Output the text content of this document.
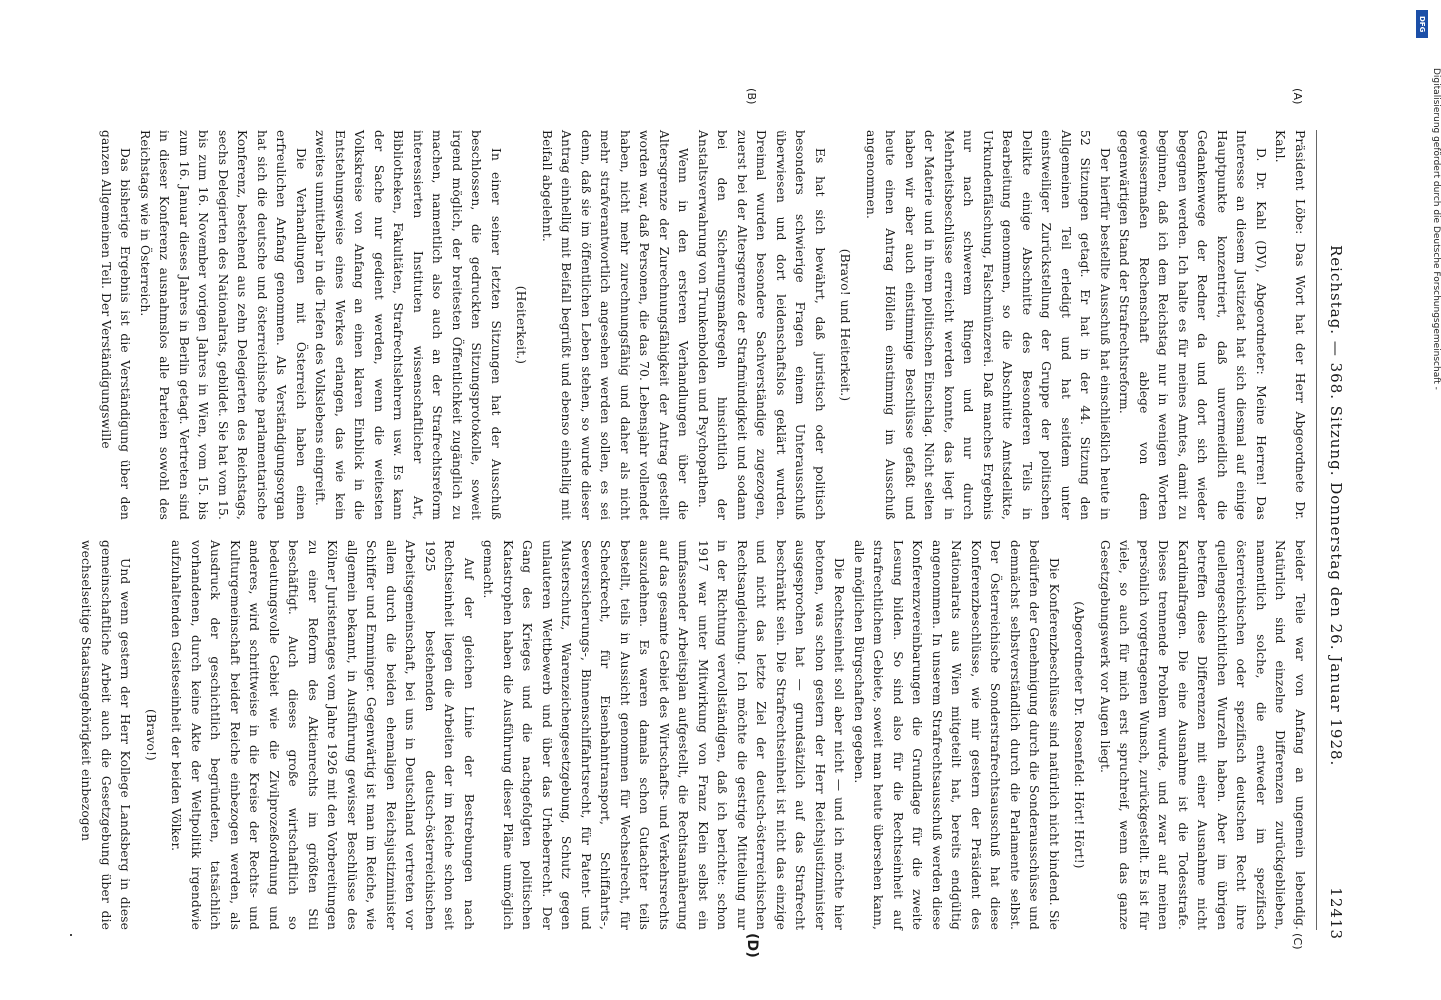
Reichstag. — 368. Sitzung. Donnerstag den 26. Januar 1928.
12413
(A)
(B)
(C)
(D)

Präsident Löbe: Das Wort hat der Herr Abgeordnete Dr. Kahl.

D. Dr. Kahl (DV), Abgeordneter: Meine Herren! Das Interesse an diesem Justizetat hat sich diesmal auf einige Hauptpunkte konzentriert, daß unvermeidlich die Gedankenwege der Redner da und dort sich wieder begegnen werden. Ich halte es für meines Amtes, damit zu beginnen, daß ich dem Reichstag nur in wenigen Worten gewissermaßen Rechenschaft ablege von dem gegenwärtigen Stand der Strafrechtsreform.

Der hierfür bestellte Ausschuß hat einschließlich heute in 52 Sitzungen getagt. Er hat in der 44. Sitzung den Allgemeinen Teil erledigt und hat seitdem unter einstweiliger Zurückstellung der Gruppe der politischen Delikte einige Abschnitte des Besonderen Teils in Bearbeitung genommen, so die Abschnitte Amtsdelikte, Urkundenfälschung, Falschmünzerei. Daß manches Ergebnis nur nach schwerem Ringen und nur durch Mehrheitsbeschlüsse erreicht werden konnte, das liegt in der Materie und in ihrem politischen Einschlag. Nicht selten haben wir aber auch einstimmige Beschlüsse gefaßt und heute einen Antrag Höllein einstimmig im Ausschuß angenommen.

(Bravo! und Heiterkeit.)

Es hat sich bewährt, daß juristisch oder politisch besonders schwierige Fragen einem Unterausschuß überwiesen und dort leidenschaftslos geklärt wurden. Dreimal wurden besondere Sachverständige zugezogen, zuerst bei der Altersgrenze der Strafmündigkeit und sodann bei den Sicherungsmaßregeln hinsichtlich der Anstaltsverwahrung von Trunkenbolden und Psychopathen.

Wenn in den ersteren Verhandlungen über die Altersgrenze der Zurechnungsfähigkeit der Antrag gestellt worden war, daß Personen, die das 70. Lebensjahr vollendet haben, nicht mehr zurechnungsfähig und daher als nicht mehr strafverantwortlich angesehen werden sollen, es sei denn, daß sie im öffentlichen Leben stehen, so wurde dieser Antrag einhellig mit Beifall begrüßt und ebenso einhellig mit Beifall abgelehnt.

(Heiterkeit.)

In einer seiner letzten Sitzungen hat der Ausschuß beschlossen, die gedruckten Sitzungsprotokolle, soweit irgend möglich, der breitesten Öffentlichkeit zugänglich zu machen, namentlich also auch an der Strafrechtsreform interessierten Instituten wissenschaftlicher Art, Bibliotheken, Fakultäten, Strafrechtslehrern usw. Es kann der Sache nur gedient werden, wenn die weitesten Volkskreise von Anfang an einen klaren Einblick in die Entstehungsweise eines Werkes erlangen, das wie kein zweites unmittelbar in die Tiefen des Volkslebens eingreift.

Die Verhandlungen mit Österreich haben einen erfreulichen Anfang genommen. Als Verständigungsorgan hat sich die deutsche und österreichische parlamentarische Konferenz, bestehend aus zehn Delegierten des Reichstags, sechs Delegierten des Nationalrats, gebildet. Sie hat vom 15. bis zum 16. November vorigen Jahres in Wien, vom 15. bis zum 16. Januar dieses Jahres in Berlin getagt. Vertreten sind in dieser Konferenz ausnahmslos alle Parteien sowohl des Reichstags wie in Österreich.

Das bisherige Ergebnis ist die Verständigung über den ganzen Allgemeinen Teil. Der Verständigungswille

beider Teile war von Anfang an ungemein lebendig. Natürlich sind einzelne Differenzen zurückgeblieben, namentlich solche, die entweder im spezifisch österreichischen oder spezifisch deutschen Recht ihre quellengeschichtlichen Wurzeln haben. Aber im übrigen betreffen diese Differenzen mit einer Ausnahme nicht Kardinalfragen. Die eine Ausnahme ist die Todesstrafe. Dieses trennende Problem wurde, und zwar auf meinen persönlich vorgetragenen Wunsch, zurückgestellt. Es ist für viele, so auch für mich erst spruchreif, wenn das ganze Gesetzgebungswerk vor Augen liegt.

(Abgeordneter Dr. Rosenfeld: Hört! Hört!)

Die Konferenzbeschlüsse sind natürlich nicht bindend. Sie bedürfen der Genehmigung durch die Sonderausschüsse und demnächst selbstverständlich durch die Parlamente selbst. Der Österreichische Sonderstrafrechtsausschuß hat diese Konferenzbeschlüsse, wie mir gestern der Präsident des Nationalrats aus Wien mitgeteilt hat, bereits endgültig angenommen. In unserem Strafrechtsausschuß werden diese Konferenzvereinbarungen die Grundlage für die zweite Lesung bilden. So sind also für die Rechtseinheit auf strafrechtlichem Gebiete, soweit man heute übersehen kann, alle möglichen Bürgschaften gegeben.

Die Rechtseinheit soll aber nicht — und ich möchte hier betonen, was schon gestern der Herr Reichsjustizminister ausgesprochen hat — grundsätzlich auf das Strafrecht beschränkt sein. Die Strafrechtseinheit ist nicht das einzige und nicht das letzte Ziel der deutsch-österreichischen Rechtsangleichung. Ich möchte die gestrige Mitteilung nur in der Richtung vervollständigen, daß ich berichte: schon 1917 war unter Mitwirkung von Franz Klein selbst ein umfassender Arbeitsplan aufgestellt, die Rechtsannäherung auf das gesamte Gebiet des Wirtschafts- und Verkehrsrechts auszudehnen. Es waren damals schon Gutachter teils bestellt, teils in Aussicht genommen für Wechselrecht, für Scheckrecht, für Eisenbahntransport, Schiffahrts-, Seeversicherungs-, Binnenschiffahrtsrecht, für Patent- und Musterschutz, Warenzeichengesetzgebung, Schutz gegen unlauteren Wettbewerb und über das Urheberrecht. Der Gang des Krieges und die nachgefolgten politischen Katastrophen haben die Ausführung dieser Pläne unmöglich gemacht.

Auf der gleichen Linie der Bestrebungen nach Rechtseinheit liegen die Arbeiten der im Reiche schon seit 1925 bestehenden deutsch-österreichischen Arbeitsgemeinschaft, bei uns in Deutschland vertreten vor allem durch die beiden ehemaligen Reichsjustizminister Schiffer und Emminger. Gegenwärtig ist man im Reiche, wie allgemein bekannt, in Ausführung gewisser Beschlüsse des Kölner Juristentages vom Jahre 1926 mit den Vorbereitungen zu einer Reform des Aktienrechts im größten Stil beschäftigt. Auch dieses große wirtschaftlich so bedeutungsvolle Gebiet wie die Zivilprozeßordnung und anderes, wird schrittweise in die Kreise der Rechts- und Kulturgemeinschaft beider Reiche einbezogen werden, als Ausdruck der geschichtlich begründeten, tatsächlich vorhandenen, durch keine Akte der Weltpolitik irgendwie aufzuhaltenden Geisteseinheit der beiden Völker.

(Bravo!)

Und wenn gestern der Herr Kollege Landsberg in diese gemeinschaftliche Arbeit auch die Gesetzgebung über die wechselseitige Staatsangehörigkeit einbezogen

Digitalisierung gefördert durch die Deutsche Forschungsgemeinschaft -
DFG
